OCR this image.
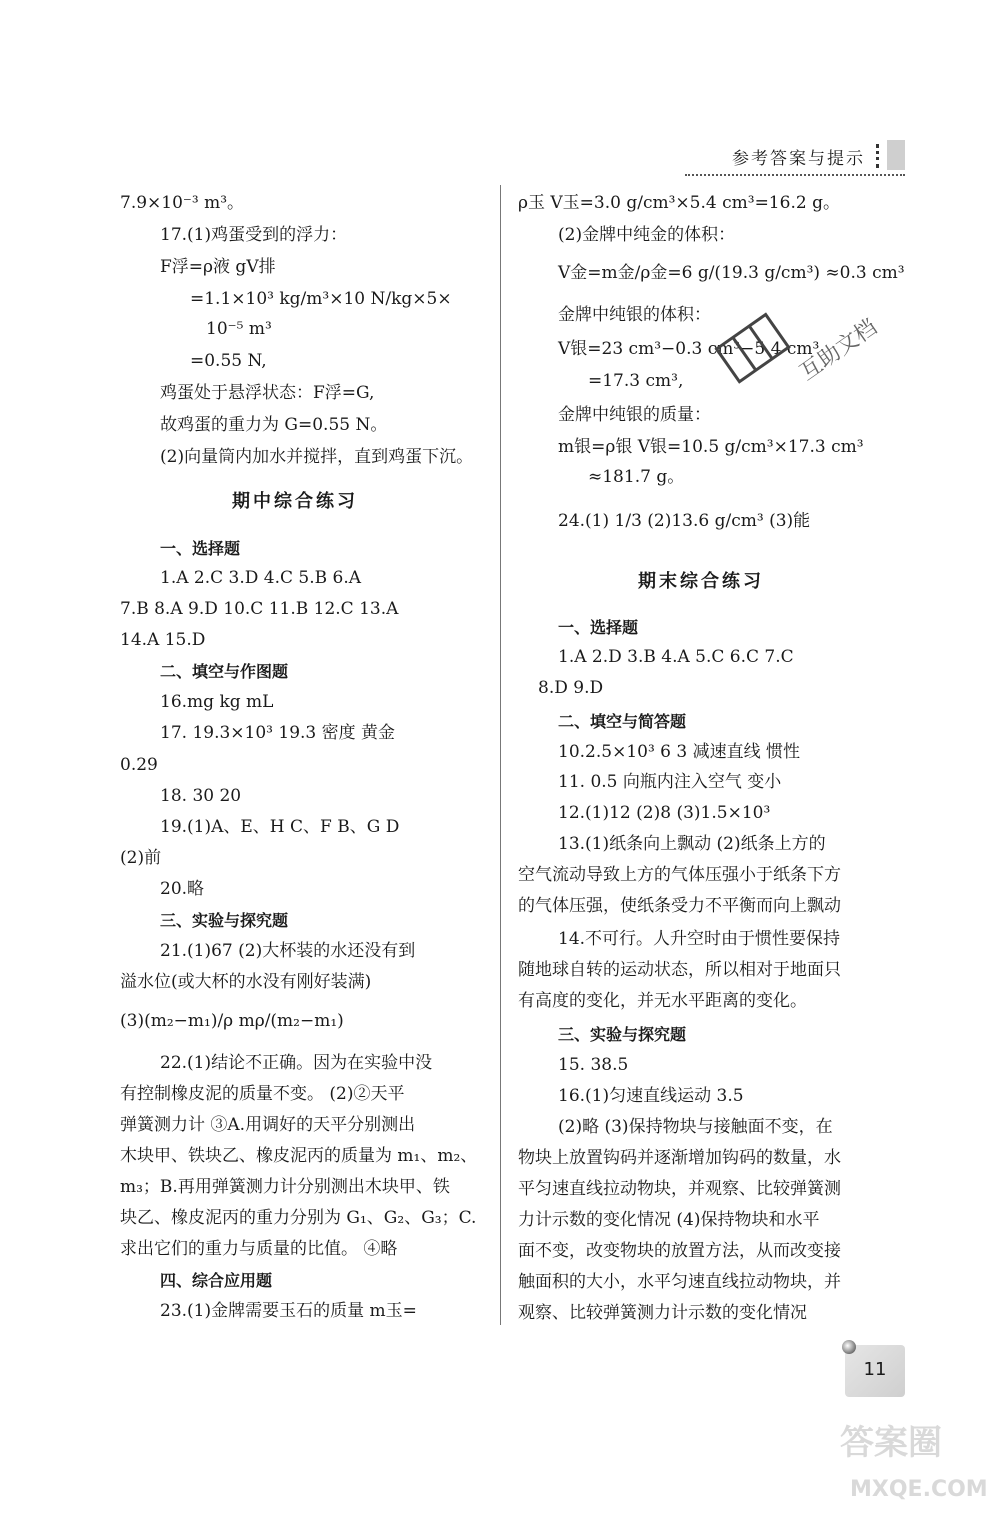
参考答案与提示
7.9×10⁻³ m³。
17.(1)鸡蛋受到的浮力：
F浮=ρ液 gV排
=1.1×10³ kg/m³×10 N/kg×5×
10⁻⁵ m³
=0.55 N,
鸡蛋处于悬浮状态：F浮=G,
故鸡蛋的重力为 G=0.55 N。
(2)向量筒内加水并搅拌，直到鸡蛋下沉。
期中综合练习
一、选择题
1.A 2.C 3.D 4.C 5.B 6.A
7.B 8.A 9.D 10.C 11.B 12.C 13.A
14.A 15.D
二、填空与作图题
16.mg kg mL
17. 19.3×10³ 19.3 密度 黄金
0.29
18. 30 20
19.(1)A、E、H C、F B、G D
(2)前
20.略
三、实验与探究题
21.(1)67 (2)大杯装的水还没有到
溢水位(或大杯的水没有刚好装满)
(3)(m₂−m₁)/ρ mρ/(m₂−m₁)
22.(1)结论不正确。因为在实验中没
有控制橡皮泥的质量不变。 (2)②天平
弹簧测力计 ③A.用调好的天平分别测出
木块甲、铁块乙、橡皮泥丙的质量为 m₁、m₂、
m₃；B.再用弹簧测力计分别测出木块甲、铁
块乙、橡皮泥丙的重力分别为 G₁、G₂、G₃；C.
求出它们的重力与质量的比值。 ④略
四、综合应用题
23.(1)金牌需要玉石的质量 m玉=
ρ玉 V玉=3.0 g/cm³×5.4 cm³=16.2 g。
(2)金牌中纯金的体积：
V金=m金/ρ金=6 g/(19.3 g/cm³) ≈0.3 cm³
金牌中纯银的体积：
V银=23 cm³−0.3 cm³−5.4 cm³
=17.3 cm³,
金牌中纯银的质量：
m银=ρ银 V银=10.5 g/cm³×17.3 cm³
≈181.7 g。
24.(1) 1/3 (2)13.6 g/cm³ (3)能
期末综合练习
一、选择题
1.A 2.D 3.B 4.A 5.C 6.C 7.C
8.D 9.D
二、填空与简答题
10.2.5×10³ 6 3 减速直线 惯性
11. 0.5 向瓶内注入空气 变小
12.(1)12 (2)8 (3)1.5×10³
13.(1)纸条向上飘动 (2)纸条上方的
空气流动导致上方的气体压强小于纸条下方
的气体压强，使纸条受力不平衡而向上飘动
14.不可行。人升空时由于惯性要保持
随地球自转的运动状态，所以相对于地面只
有高度的变化，并无水平距离的变化。
三、实验与探究题
15. 38.5
16.(1)匀速直线运动 3.5
(2)略 (3)保持物块与接触面不变，在
物块上放置钩码并逐渐增加钩码的数量，水
平匀速直线拉动物块，并观察、比较弹簧测
力计示数的变化情况 (4)保持物块和水平
面不变，改变物块的放置方法，从而改变接
触面积的大小，水平匀速直线拉动物块，并
观察、比较弹簧测力计示数的变化情况
互助文档
11
答案圈
MXQE.COM
